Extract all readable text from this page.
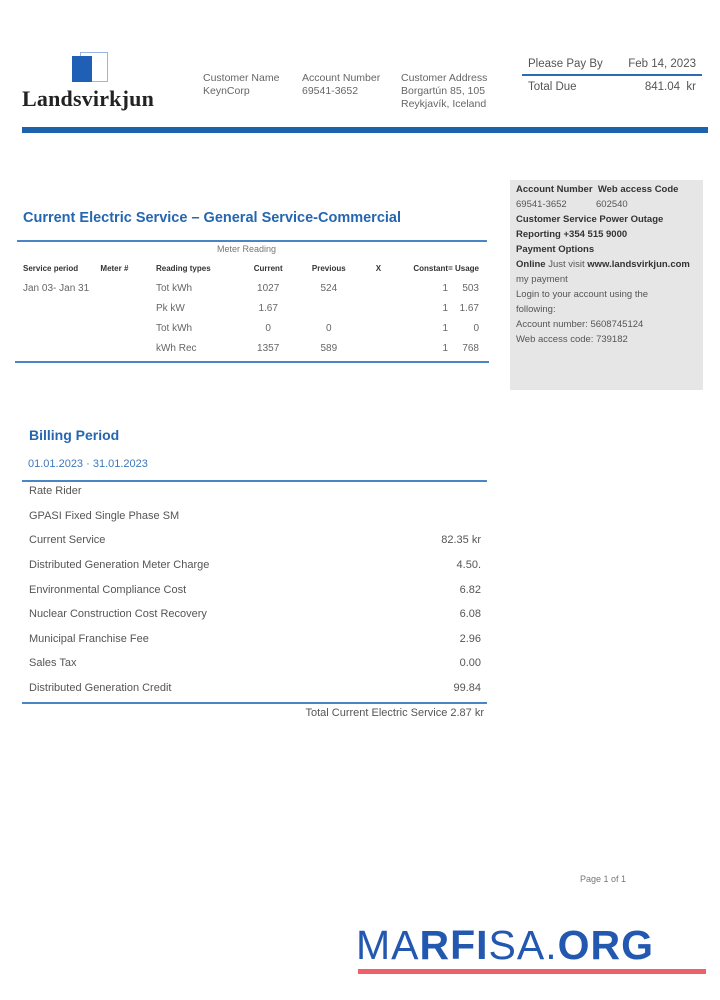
Landsvirkjun
Customer Name
KeynCorp
Account Number
69541-3652
Customer Address
Borgartún 85, 105
Reykjavík, Iceland
Please Pay By Feb 14, 2023
Total Due	841.04  kr
Current Electric Service – General Service-Commercial
Meter Reading
Service period	Meter #	Reading types	Current	Previous	X	Constant	= Usage
Jan 03- Jan 31		Tot kWh	1027	524		1	503
		Pk kW	1.67			1	1.67
		Tot kWh	0	0		1	0
		kWh Rec	1357	589		1	768
Account Number Web access Code
69541-3652	602540
Customer Service Power Outage
Reporting +354 515 9000
Payment Options
Online Just visit www.landsvirkjun.com
my payment
Login to your account using the
following:
Account number: 5608745124
Web access code: 739182
Billing Period
01.01.2023 · 31.01.2023
Rate Rider
GPASI Fixed Single Phase SM
Current Service	82.35 kr
Distributed Generation Meter Charge	4.50.
Environmental Compliance Cost	6.82
Nuclear Construction Cost Recovery	6.08
Municipal Franchise Fee	2.96
Sales Tax	0.00
Distributed Generation Credit	99.84
Total Current Electric Service 2.87 kr
Page 1 of 1
MARFISA.ORG
